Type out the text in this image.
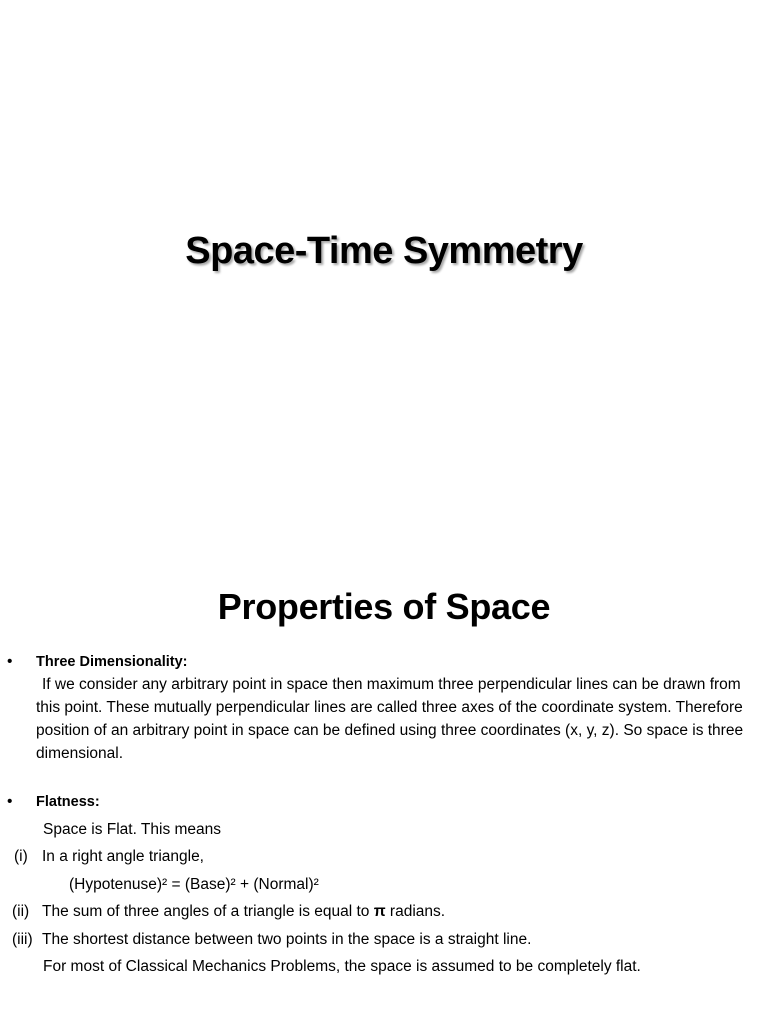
Space-Time Symmetry
Properties of Space
• Three Dimensionality:
If we consider any arbitrary point in space then maximum three perpendicular lines can be drawn from this point. These mutually perpendicular lines are called three axes of the coordinate system. Therefore position of an arbitrary point in space can be defined using three coordinates (x, y, z). So space is three dimensional.
• Flatness:
Space is Flat. This means
(i) In a right angle triangle,
(Hypotenuse)² = (Base)² + (Normal)²
(ii) The sum of three angles of a triangle is equal to π radians.
(iii) The shortest distance between two points in the space is a straight line.
For most of Classical Mechanics Problems, the space is assumed to be completely flat.
